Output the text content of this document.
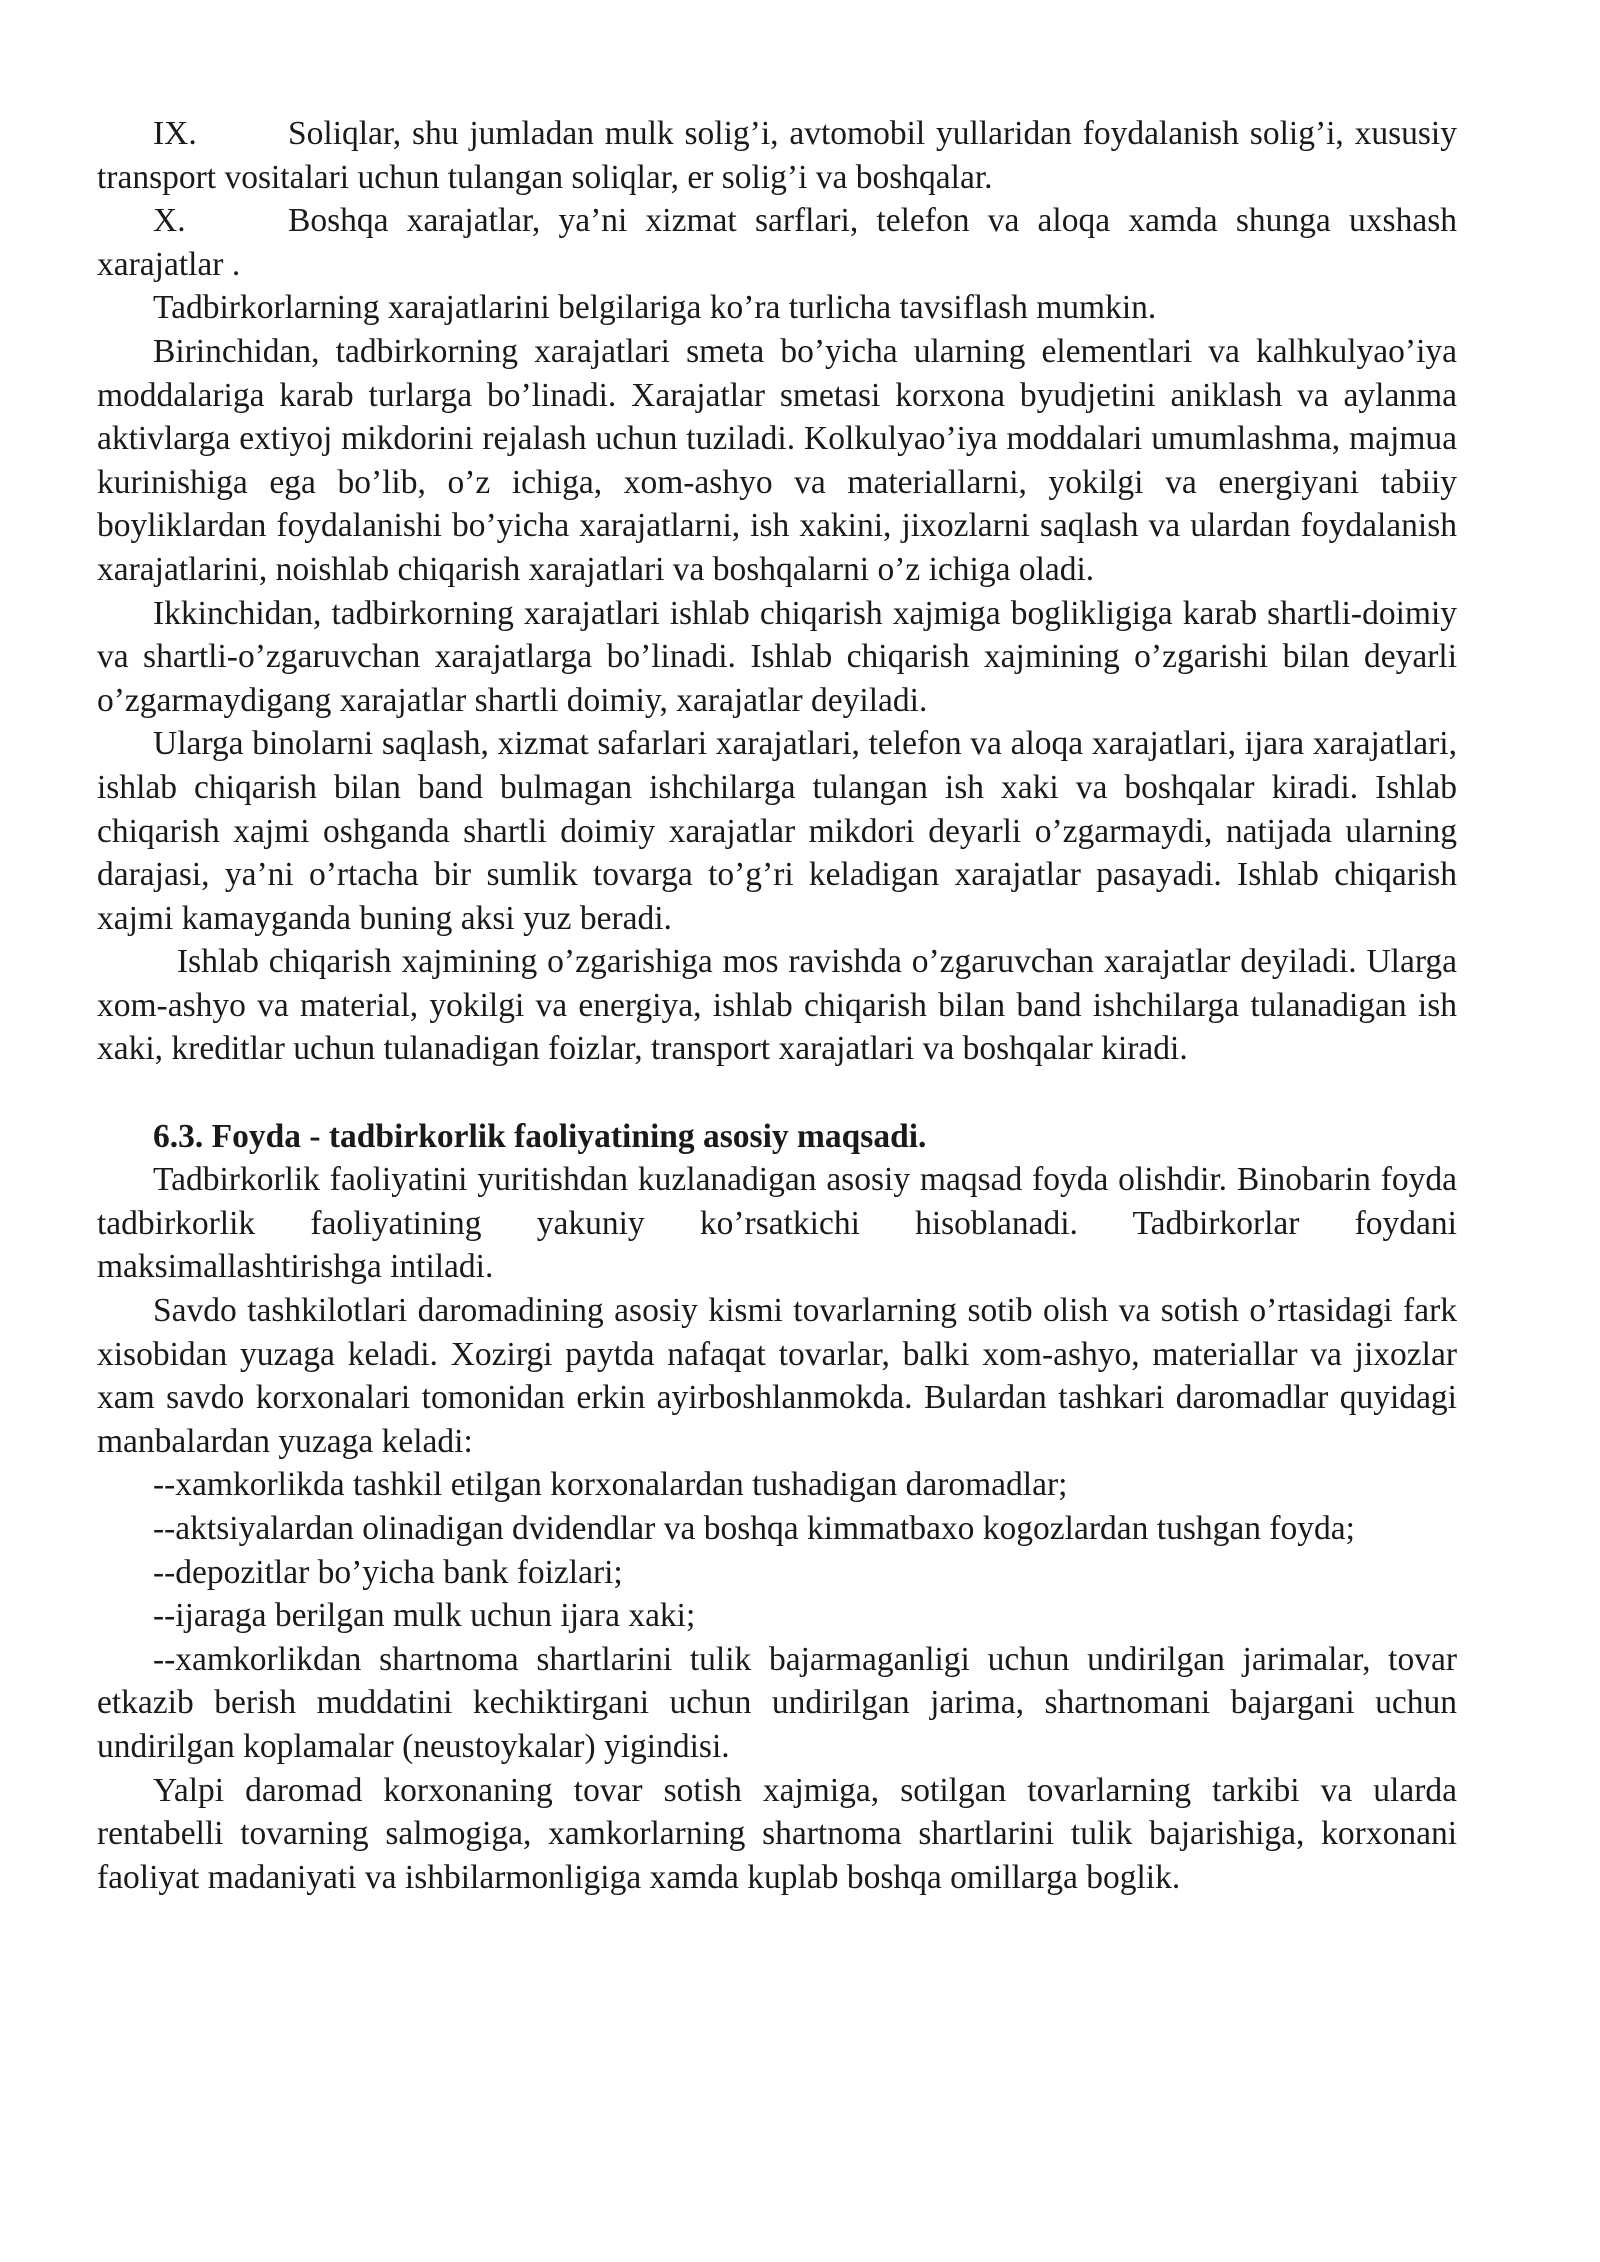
IX.	Soliqlar, shu jumladan mulk solig’i, avtomobil yullaridan foydalanish solig’i, xususiy transport vositalari uchun tulangan soliqlar, er solig’i va boshqalar.

X.	Boshqa xarajatlar, ya’ni xizmat sarflari, telefon va aloqa xamda shunga uxshash xarajatlar .

Tadbirkorlarning xarajatlarini belgilariga ko’ra turlicha tavsiflash mumkin.

Birinchidan, tadbirkorning xarajatlari smeta bo’yicha ularning elementlari va kalhkulyao’iya moddalariga karab turlarga bo’linadi. Xarajatlar smetasi korxona byudjetini aniklash va aylanma aktivlarga extiyoj mikdorini rejalash uchun tuziladi. Kolkulyao’iya moddalari umumlashma, majmua kurinishiga ega bo’lib, o’z ichiga, xom-ashyo va materiallarni, yokilgi va energiyani tabiiy boyliklardan foydalanishi bo’yicha xarajatlarni, ish xakini, jixozlarni saqlash va ulardan foydalanish xarajatlarini, noishlab chiqarish xarajatlari va boshqalarni o’z ichiga oladi.

Ikkinchidan, tadbirkorning xarajatlari ishlab chiqarish xajmiga boglikligiga karab shartli-doimiy va shartli-o’zgaruvchan xarajatlarga bo’linadi. Ishlab chiqarish xajmining o’zgarishi bilan deyarli o’zgarmaydigang xarajatlar shartli doimiy, xarajatlar deyiladi.

Ularga binolarni saqlash, xizmat safarlari xarajatlari, telefon va aloqa xarajatlari, ijara xarajatlari, ishlab chiqarish bilan band bulmagan ishchilarga tulangan ish xaki va boshqalar kiradi. Ishlab chiqarish xajmi oshganda shartli doimiy xarajatlar mikdori deyarli o’zgarmaydi, natijada ularning darajasi, ya’ni o’rtacha bir sumlik tovarga to’g’ri keladigan xarajatlar pasayadi. Ishlab chiqarish xajmi kamayganda buning aksi yuz beradi.

Ishlab chiqarish xajmining o’zgarishiga mos ravishda o’zgaruvchan xarajatlar deyiladi. Ularga xom-ashyo va material, yokilgi va energiya, ishlab chiqarish bilan band ishchilarga tulanadigan ish xaki, kreditlar uchun tulanadigan foizlar, transport xarajatlari va boshqalar kiradi.

6.3. Foyda - tadbirkorlik faoliyatining asosiy maqsadi.

Tadbirkorlik faoliyatini yuritishdan kuzlanadigan asosiy maqsad foyda olishdir. Binobarin foyda tadbirkorlik faoliyatining yakuniy ko’rsatkichi hisoblanadi. Tadbirkorlar foydani maksimallashtirishga intiladi.

Savdo tashkilotlari daromadining asosiy kismi tovarlarning sotib olish va sotish o’rtasidagi fark xisobidan yuzaga keladi. Xozirgi paytda nafaqat tovarlar, balki xom-ashyo, materiallar va jixozlar xam savdo korxonalari tomonidan erkin ayirboshlanmokda. Bulardan tashkari daromadlar quyidagi manbalardan yuzaga keladi:

--xamkorlikda tashkil etilgan korxonalardan tushadigan daromadlar;

--aktsiyalardan olinadigan dvidendlar va boshqa kimmatbaxo kogozlardan tushgan foyda;

--depozitlar bo’yicha bank foizlari;

--ijaraga berilgan mulk uchun ijara xaki;

--xamkorlikdan shartnoma shartlarini tulik bajarmaganligi uchun undirilgan jarimalar, tovar etkazib berish muddatini kechiktirgani uchun undirilgan jarima, shartnomani bajargani uchun undirilgan koplamalar (neustoykalar) yigindisi.

Yalpi daromad korxonaning tovar sotish xajmiga, sotilgan tovarlarning tarkibi va ularda rentabelli tovarning salmogiga, xamkorlarning shartnoma shartlarini tulik bajarishiga, korxonani faoliyat madaniyati va ishbilarmonligiga xamda kuplab boshqa omillarga boglik.
